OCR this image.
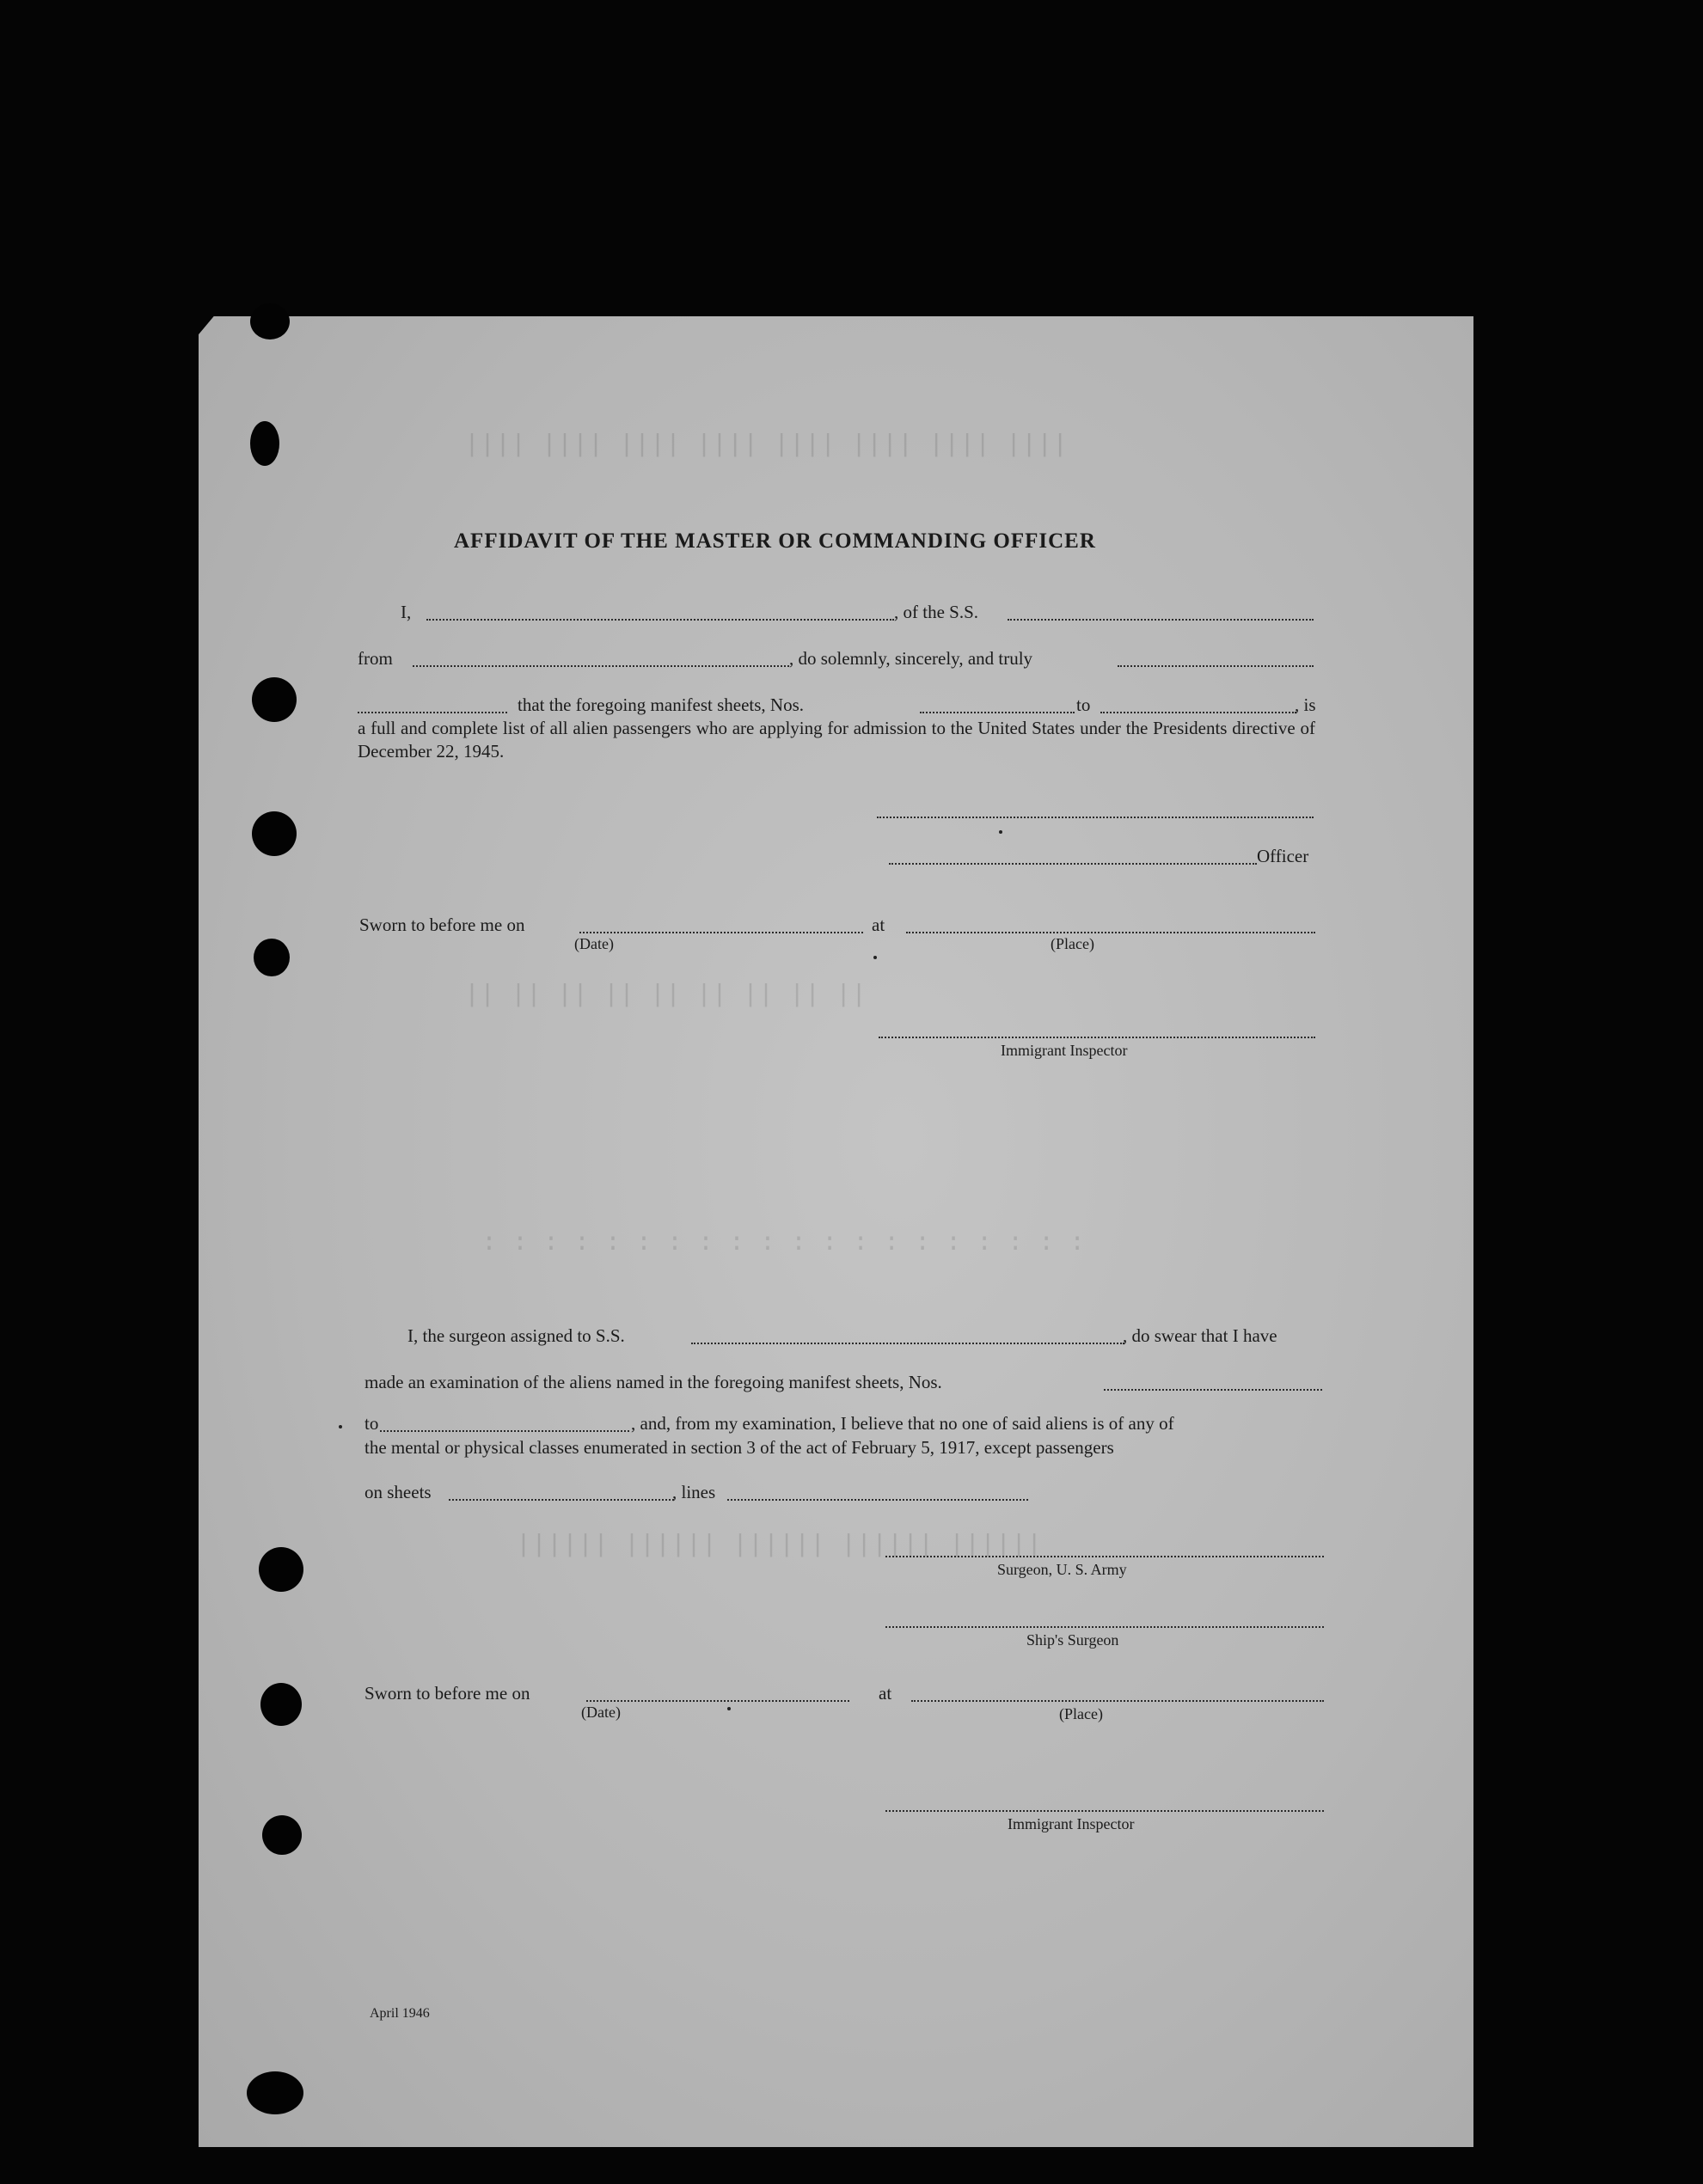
|||| |||| |||| |||| |||| |||| |||| ||||
|| || || || || || || || ||
: : : : : : : : : : : : : : : : : : : :
|||||| |||||| |||||| |||||| ||||||
AFFIDAVIT OF THE MASTER OR COMMANDING OFFICER
I,	, of the S.S.
from	, do solemnly, sincerely, and truly
that the foregoing manifest sheets, Nos.	to	, is
a full and complete list of all alien passengers who are applying for admission to the United States under the Presidents directive of December 22, 1945.
Officer
Sworn to before me on	at
(Date)	(Place)
Immigrant Inspector
I, the surgeon assigned to S.S.	, do swear that I have
made an examination of the aliens named in the foregoing manifest sheets, Nos.
to	, and, from my examination, I believe that no one of said aliens is of any of
the mental or physical classes enumerated in section 3 of the act of February 5, 1917, except passengers
on sheets	, lines
Surgeon, U. S. Army
Ship's Surgeon
Sworn to before me on	at
(Date)	(Place)
Immigrant Inspector
April 1946
